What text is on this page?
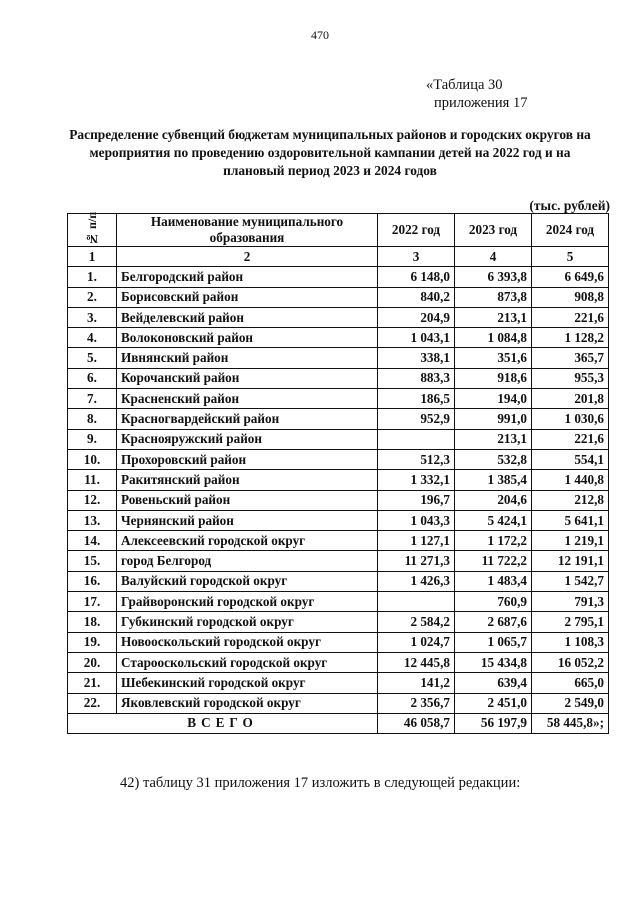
470
«Таблица 30
приложения 17
Распределение субвенций бюджетам муниципальных районов и городских округов на мероприятия по проведению оздоровительной кампании детей на 2022 год и на плановый период 2023 и 2024 годов
(тыс. рублей)
№ п/п	Наименование муниципального образования	2022 год	2023 год	2024 год
1	2	3	4	5
1.	Белгородский район	6 148,0	6 393,8	6 649,6
2.	Борисовский район	840,2	873,8	908,8
3.	Вейделевский район	204,9	213,1	221,6
4.	Волоконовский район	1 043,1	1 084,8	1 128,2
5.	Ивнянский район	338,1	351,6	365,7
6.	Корочанский район	883,3	918,6	955,3
7.	Красненский район	186,5	194,0	201,8
8.	Красногвардейский район	952,9	991,0	1 030,6
9.	Краснояружский район		213,1	221,6
10.	Прохоровский район	512,3	532,8	554,1
11.	Ракитянский район	1 332,1	1 385,4	1 440,8
12.	Ровеньский район	196,7	204,6	212,8
13.	Чернянский район	1 043,3	5 424,1	5 641,1
14.	Алексеевский городской округ	1 127,1	1 172,2	1 219,1
15.	город Белгород	11 271,3	11 722,2	12 191,1
16.	Валуйский городской округ	1 426,3	1 483,4	1 542,7
17.	Грайворонский городской округ		760,9	791,3
18.	Губкинский городской округ	2 584,2	2 687,6	2 795,1
19.	Новооскольский городской округ	1 024,7	1 065,7	1 108,3
20.	Старооскольский городской округ	12 445,8	15 434,8	16 052,2
21.	Шебекинский городской округ	141,2	639,4	665,0
22.	Яковлевский городской округ	2 356,7	2 451,0	2 549,0
ВСЕГО		46 058,7	56 197,9	58 445,8»;
42) таблицу 31 приложения 17 изложить в следующей редакции:
